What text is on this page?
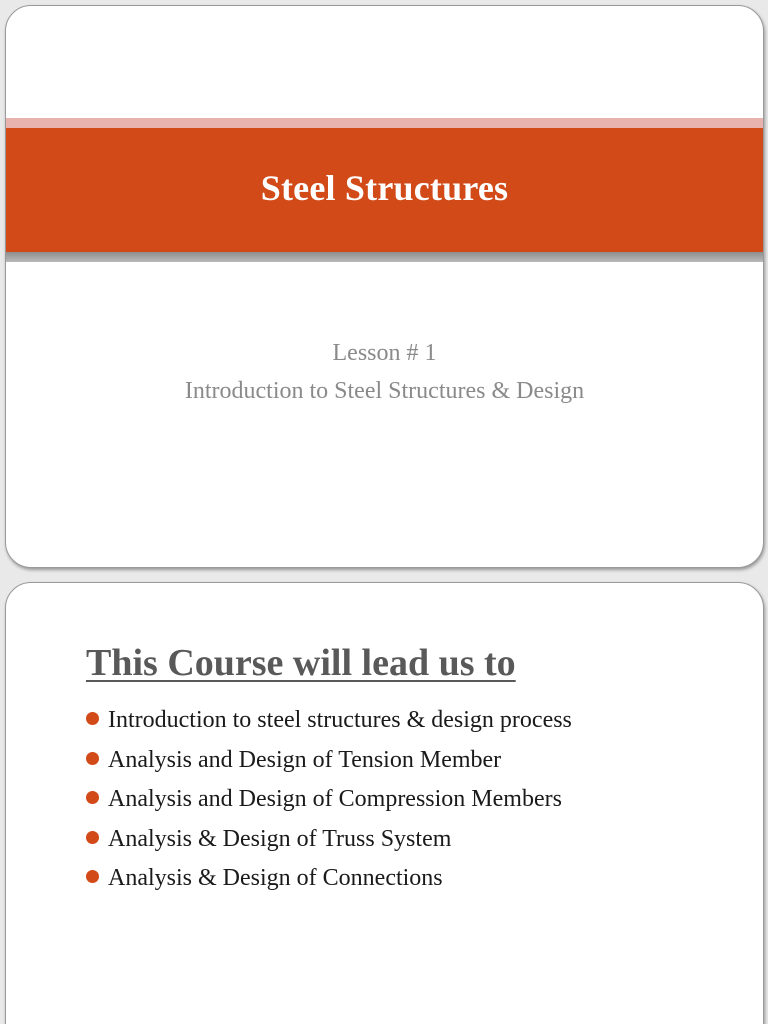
Steel Structures
Lesson # 1
Introduction to Steel Structures & Design
This Course will lead us to
Introduction to steel structures & design process
Analysis and Design of Tension Member
Analysis and Design of Compression Members
Analysis & Design of Truss System
Analysis & Design of Connections
